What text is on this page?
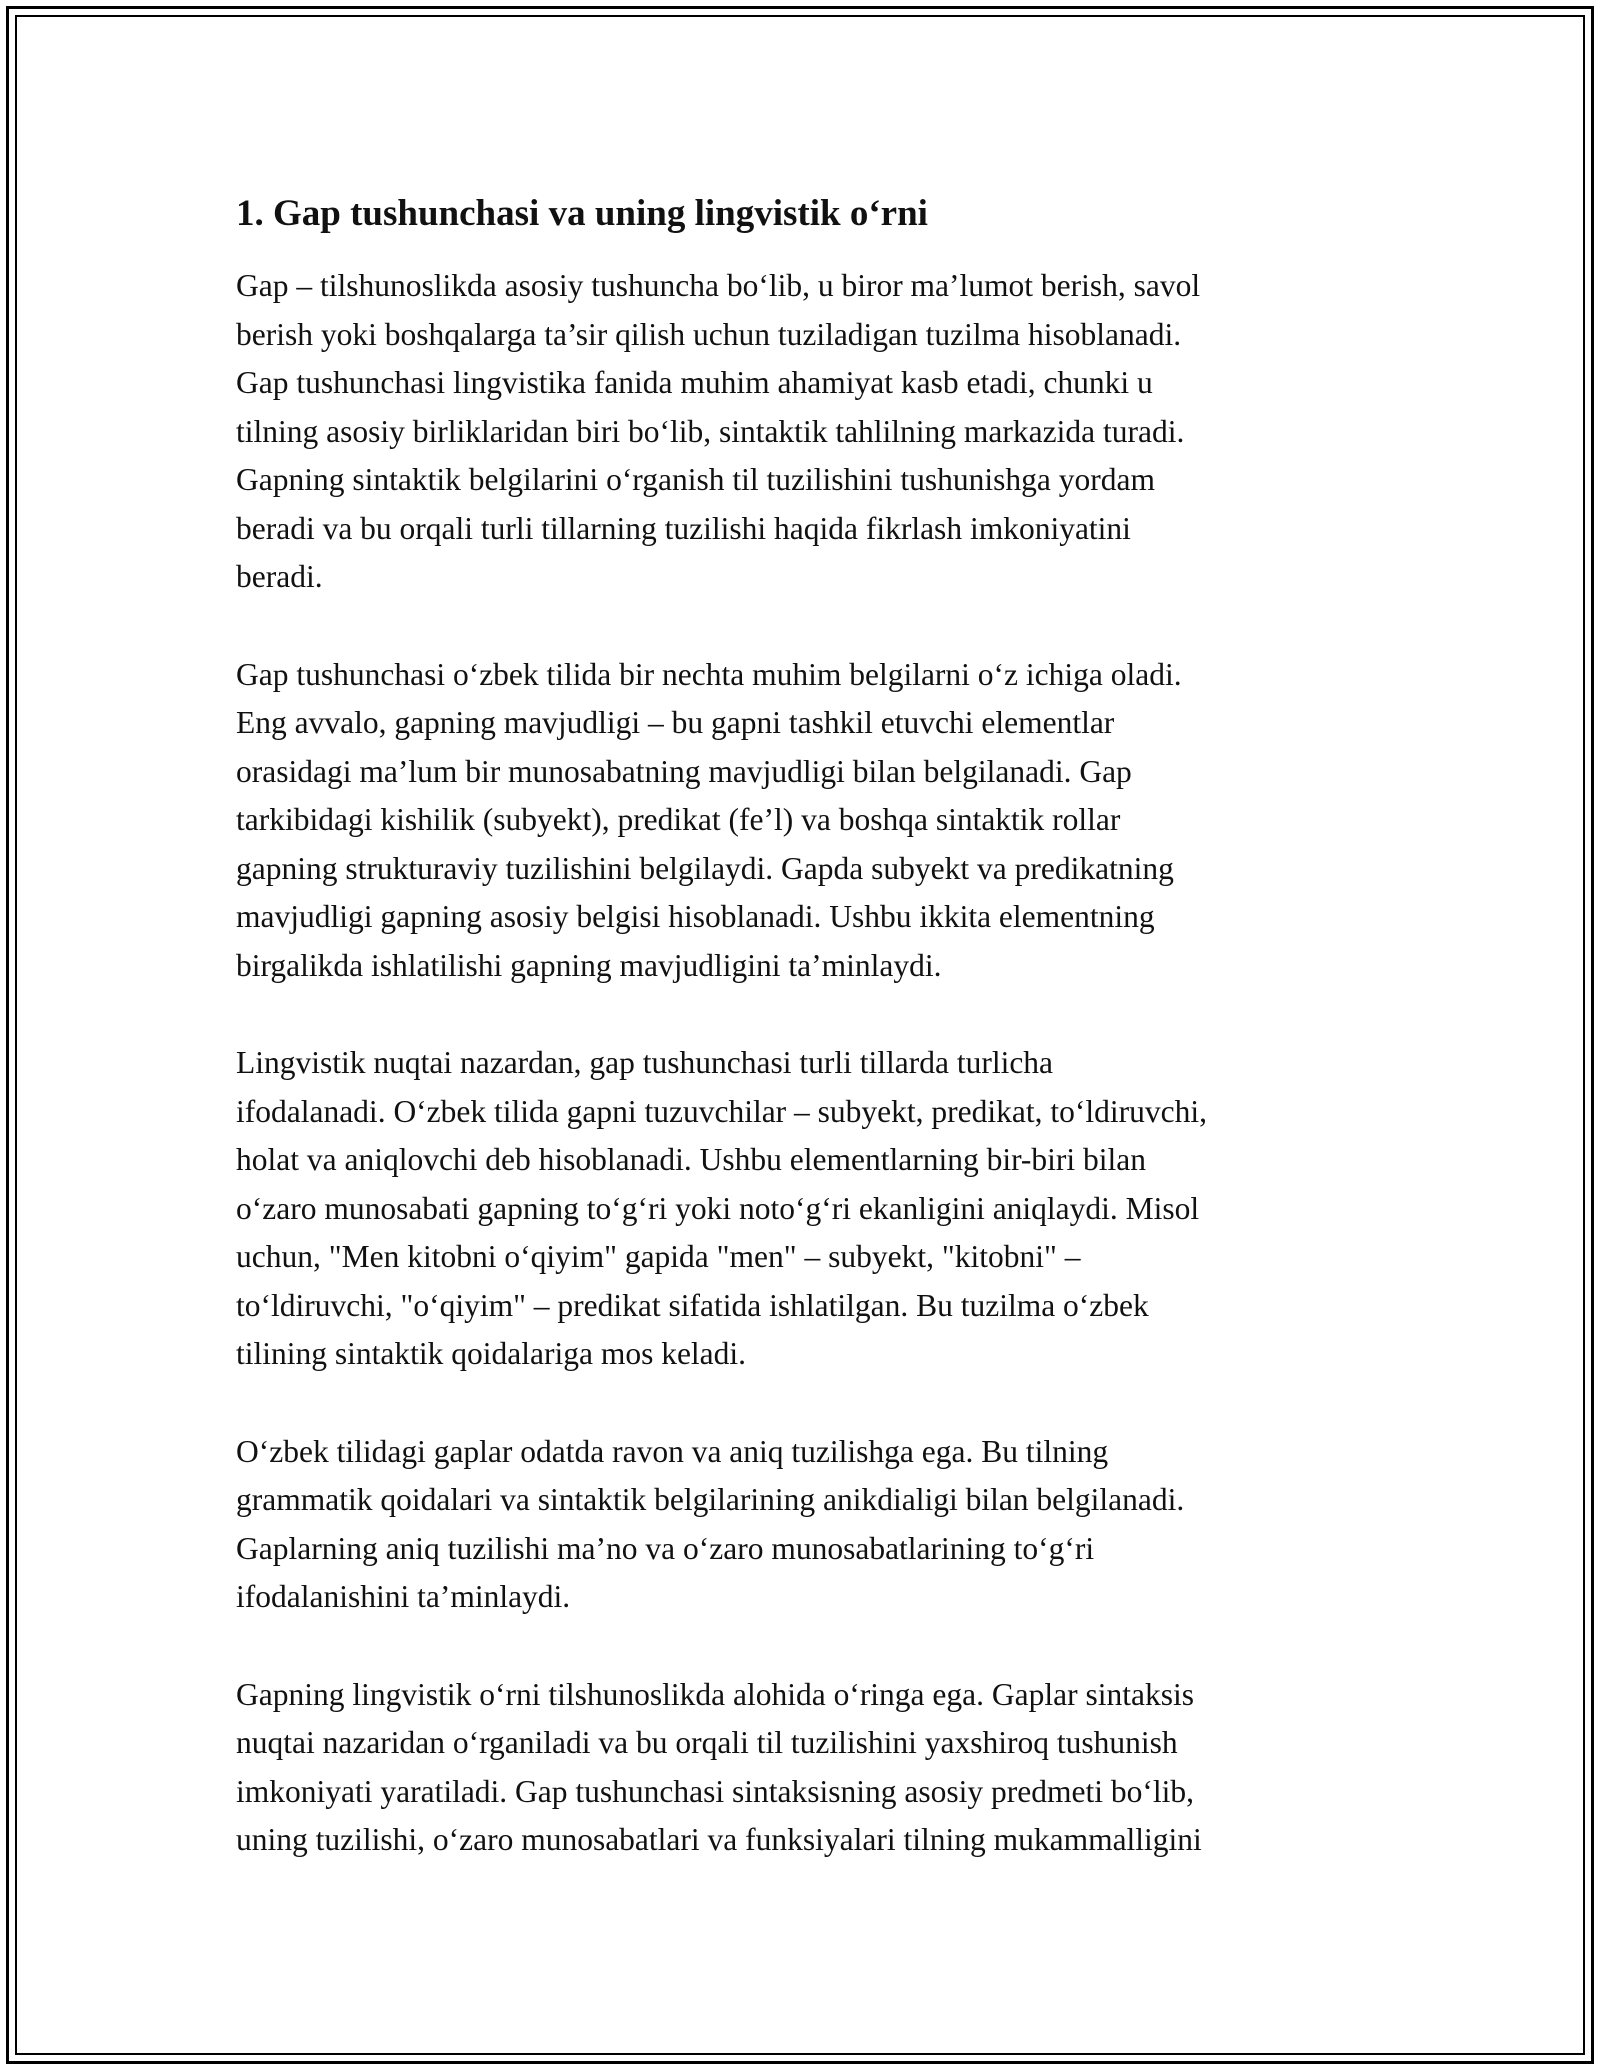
1. Gap tushunchasi va uning lingvistik o‘rni

Gap – tilshunoslikda asosiy tushuncha bo‘lib, u biror ma’lumot berish, savol
berish yoki boshqalarga ta’sir qilish uchun tuziladigan tuzilma hisoblanadi.
Gap tushunchasi lingvistika fanida muhim ahamiyat kasb etadi, chunki u
tilning asosiy birliklaridan biri bo‘lib, sintaktik tahlilning markazida turadi.
Gapning sintaktik belgilarini o‘rganish til tuzilishini tushunishga yordam
beradi va bu orqali turli tillarning tuzilishi haqida fikrlash imkoniyatini
beradi.

Gap tushunchasi o‘zbek tilida bir nechta muhim belgilarni o‘z ichiga oladi.
Eng avvalo, gapning mavjudligi – bu gapni tashkil etuvchi elementlar
orasidagi ma’lum bir munosabatning mavjudligi bilan belgilanadi. Gap
tarkibidagi kishilik (subyekt), predikat (fe’l) va boshqa sintaktik rollar
gapning strukturaviy tuzilishini belgilaydi. Gapda subyekt va predikatning
mavjudligi gapning asosiy belgisi hisoblanadi. Ushbu ikkita elementning
birgalikda ishlatilishi gapning mavjudligini ta’minlaydi.

Lingvistik nuqtai nazardan, gap tushunchasi turli tillarda turlicha
ifodalanadi. O‘zbek tilida gapni tuzuvchilar – subyekt, predikat, to‘ldiruvchi,
holat va aniqlovchi deb hisoblanadi. Ushbu elementlarning bir-biri bilan
o‘zaro munosabati gapning to‘g‘ri yoki noto‘g‘ri ekanligini aniqlaydi. Misol
uchun, "Men kitobni o‘qiyim" gapida "men" – subyekt, "kitobni" –
to‘ldiruvchi, "o‘qiyim" – predikat sifatida ishlatilgan. Bu tuzilma o‘zbek
tilining sintaktik qoidalariga mos keladi.

O‘zbek tilidagi gaplar odatda ravon va aniq tuzilishga ega. Bu tilning
grammatik qoidalari va sintaktik belgilarining anikdialigi bilan belgilanadi.
Gaplarning aniq tuzilishi ma’no va o‘zaro munosabatlarining to‘g‘ri
ifodalanishini ta’minlaydi.

Gapning lingvistik o‘rni tilshunoslikda alohida o‘ringa ega. Gaplar sintaksis
nuqtai nazaridan o‘rganiladi va bu orqali til tuzilishini yaxshiroq tushunish
imkoniyati yaratiladi. Gap tushunchasi sintaksisning asosiy predmeti bo‘lib,
uning tuzilishi, o‘zaro munosabatlari va funksiyalari tilning mukammalligini
